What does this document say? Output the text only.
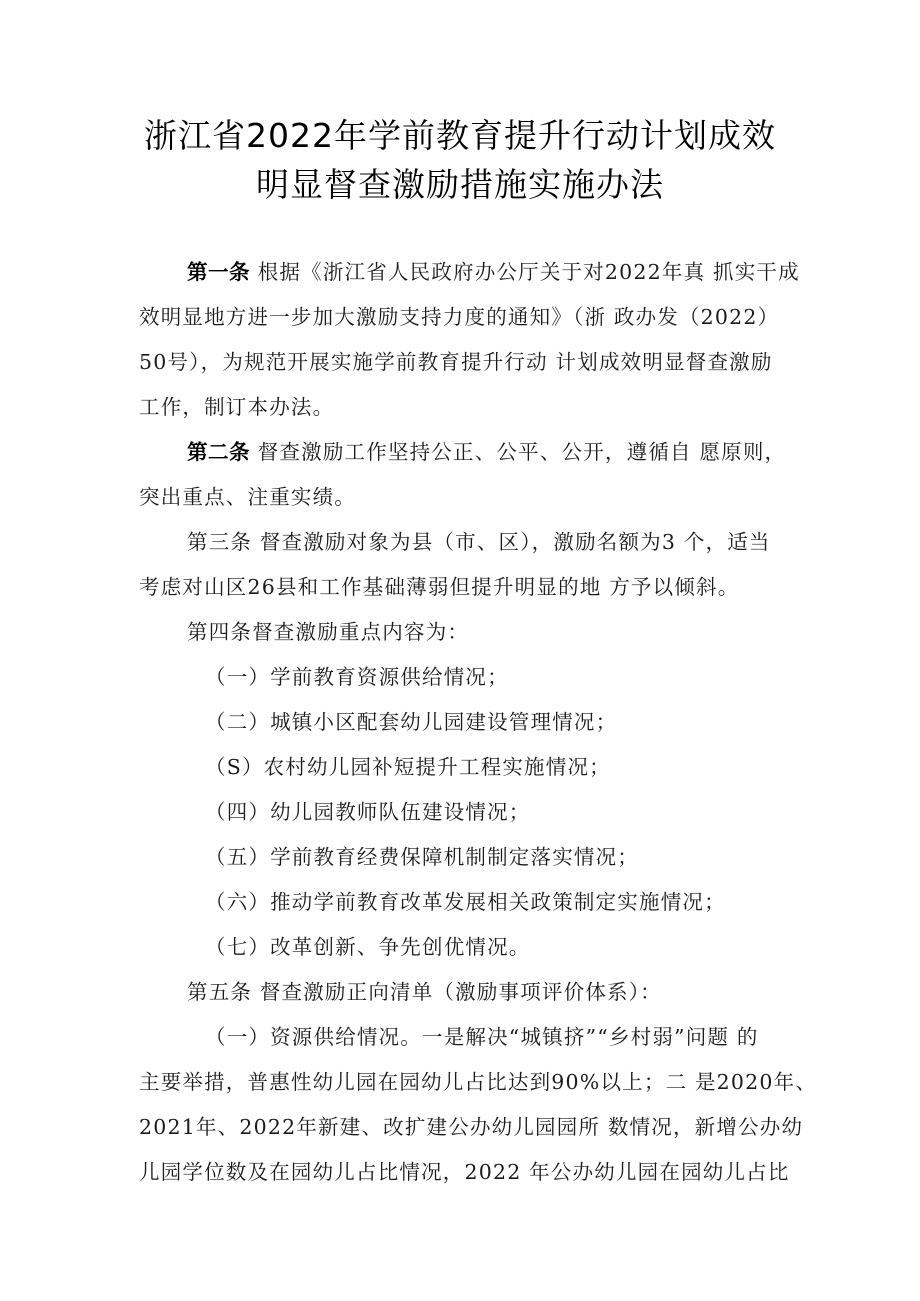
浙江省2022年学前教育提升行动计划成效
明显督查激励措施实施办法
第一条 根据《浙江省人民政府办公厅关于对2022年真 抓实干成
效明显地方进一步加大激励支持力度的通知》（浙 政办发（2022）
50号），为规范开展实施学前教育提升行动 计划成效明显督查激励
工作，制订本办法。
第二条 督查激励工作坚持公正、公平、公开，遵循自 愿原则，
突出重点、注重实绩。
第三条 督查激励对象为县（市、区），激励名额为3 个，适当
考虑对山区26县和工作基础薄弱但提升明显的地 方予以倾斜。
第四条督查激励重点内容为：
（一）学前教育资源供给情况；
（二）城镇小区配套幼儿园建设管理情况；
（S）农村幼儿园补短提升工程实施情况；
（四）幼儿园教师队伍建设情况；
（五）学前教育经费保障机制制定落实情况；
（六）推动学前教育改革发展相关政策制定实施情况；
（七）改革创新、争先创优情况。
第五条 督查激励正向清单（激励事项评价体系）：
（一）资源供给情况。一是解决“城镇挤”“乡村弱”问题 的
主要举措，普惠性幼儿园在园幼儿占比达到90%以上；二 是2020年、
2021年、2022年新建、改扩建公办幼儿园园所 数情况，新增公办幼
儿园学位数及在园幼儿占比情况，2022 年公办幼儿园在园幼儿占比
